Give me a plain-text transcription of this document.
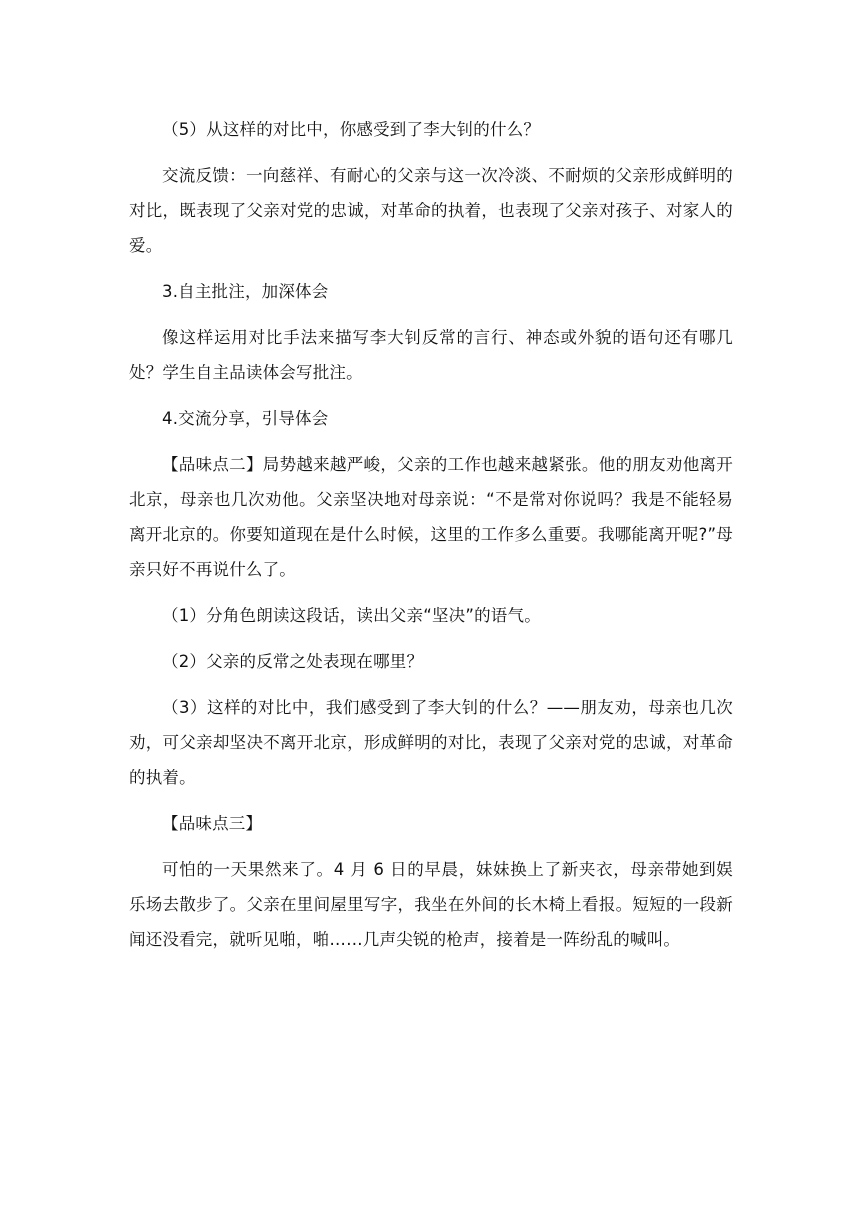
（5）从这样的对比中，你感受到了李大钊的什么？

交流反馈：一向慈祥、有耐心的父亲与这一次冷淡、不耐烦的父亲形成鲜明的对比，既表现了父亲对党的忠诚，对革命的执着，也表现了父亲对孩子、对家人的爱。

3.自主批注，加深体会

像这样运用对比手法来描写李大钊反常的言行、神态或外貌的语句还有哪几处？学生自主品读体会写批注。

4.交流分享，引导体会

【品味点二】局势越来越严峻，父亲的工作也越来越紧张。他的朋友劝他离开北京，母亲也几次劝他。父亲坚决地对母亲说：“不是常对你说吗？我是不能轻易离开北京的。你要知道现在是什么时候，这里的工作多么重要。我哪能离开呢?”母亲只好不再说什么了。

（1）分角色朗读这段话，读出父亲“坚决”的语气。

（2）父亲的反常之处表现在哪里？

（3）这样的对比中，我们感受到了李大钊的什么？——朋友劝，母亲也几次劝，可父亲却坚决不离开北京，形成鲜明的对比，表现了父亲对党的忠诚，对革命的执着。

【品味点三】

可怕的一天果然来了。4 月 6 日的早晨，妹妹换上了新夹衣，母亲带她到娱乐场去散步了。父亲在里间屋里写字，我坐在外间的长木椅上看报。短短的一段新闻还没看完，就听见啪，啪……几声尖锐的枪声，接着是一阵纷乱的喊叫。
